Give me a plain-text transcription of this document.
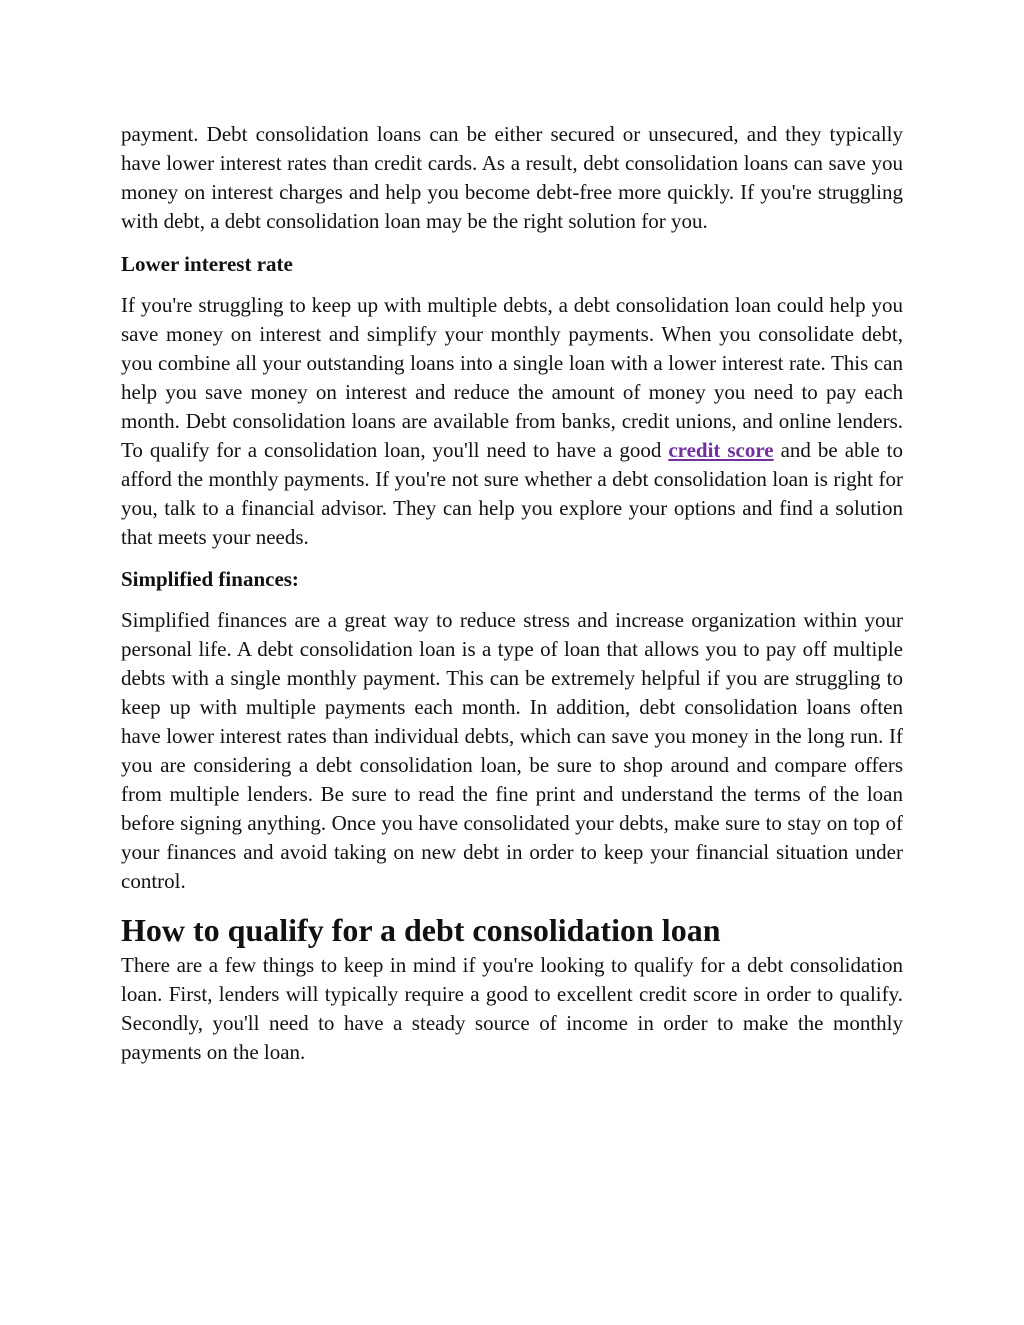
payment. Debt consolidation loans can be either secured or unsecured, and they typically have lower interest rates than credit cards. As a result, debt consolidation loans can save you money on interest charges and help you become debt-free more quickly. If you're struggling with debt, a debt consolidation loan may be the right solution for you.

Lower interest rate

If you're struggling to keep up with multiple debts, a debt consolidation loan could help you save money on interest and simplify your monthly payments. When you consolidate debt, you combine all your outstanding loans into a single loan with a lower interest rate. This can help you save money on interest and reduce the amount of money you need to pay each month. Debt consolidation loans are available from banks, credit unions, and online lenders. To qualify for a consolidation loan, you'll need to have a good credit score and be able to afford the monthly payments. If you're not sure whether a debt consolidation loan is right for you, talk to a financial advisor. They can help you explore your options and find a solution that meets your needs.

Simplified finances:

Simplified finances are a great way to reduce stress and increase organization within your personal life. A debt consolidation loan is a type of loan that allows you to pay off multiple debts with a single monthly payment. This can be extremely helpful if you are struggling to keep up with multiple payments each month. In addition, debt consolidation loans often have lower interest rates than individual debts, which can save you money in the long run. If you are considering a debt consolidation loan, be sure to shop around and compare offers from multiple lenders. Be sure to read the fine print and understand the terms of the loan before signing anything. Once you have consolidated your debts, make sure to stay on top of your finances and avoid taking on new debt in order to keep your financial situation under control.

How to qualify for a debt consolidation loan

There are a few things to keep in mind if you're looking to qualify for a debt consolidation loan. First, lenders will typically require a good to excellent credit score in order to qualify. Secondly, you'll need to have a steady source of income in order to make the monthly payments on the loan.
